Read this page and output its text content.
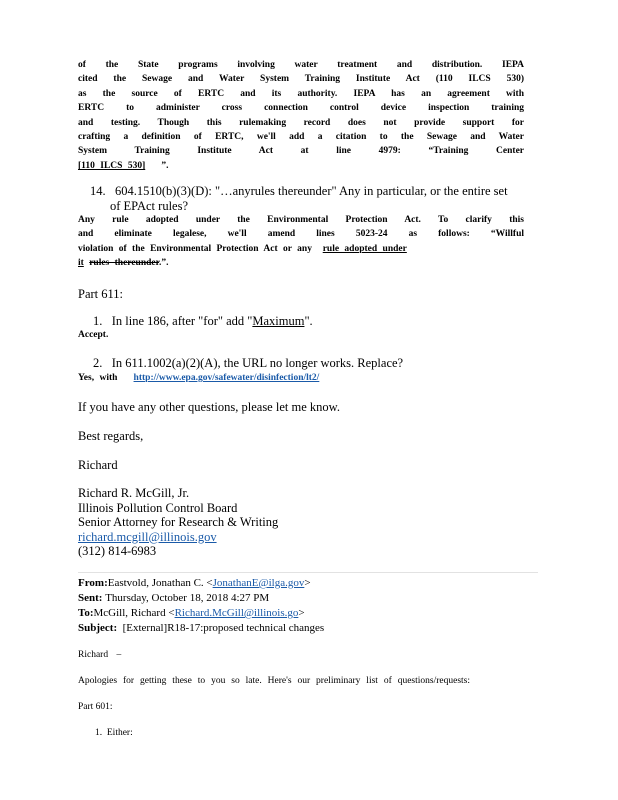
of the State programs involving water treatment and distribution. IEPA
cited the Sewage and Water System Training Institute Act (110 ILCS 530)
as the source of ERTC and its authority. IEPA has an agreement with
ERTC to administer cross connection control device inspection training
and testing. Though this rulemaking record does not provide support for
crafting a definition of ERTC, we'll add a citation to the Sewage and Water
System Training Institute Act at line 4979: “Training Center
[110 ILCS 530] ”.
14. 604.1510(b)(3)(D): "…anyrules thereunder" Any in particular, or the entire set
of EPAct rules?
Any rule adopted under the Environmental Protection Act. To clarify this
and eliminate legalese, we'll amend lines 5023-24 as follows: “Willful
violation of the Environmental Protection Act or any rule adopted under
it rules thereunder.”.
Part 611:
1. In line 186, after "for" add "Maximum".
Accept.
2. In 611.1002(a)(2)(A), the URL no longer works. Replace?
Yes, with http://www.epa.gov/safewater/disinfection/lt2/
If you have any other questions, please let me know.
Best regards,
Richard
Richard R. McGill, Jr.
Illinois Pollution Control Board
Senior Attorney for Research & Writing
richard.mcgill@illinois.gov
(312) 814-6983
From:Eastvold, Jonathan C. <JonathanE@ilga.gov>
Sent: Thursday, October 18, 2018 4:27 PM
To:McGill, Richard <Richard.McGill@illinois.go>
Subject: [External]R18-17:proposed technical changes
Richard –
Apologies for getting these to you so late. Here's our preliminary list of questions/requests:
Part 601:
1. Either:
